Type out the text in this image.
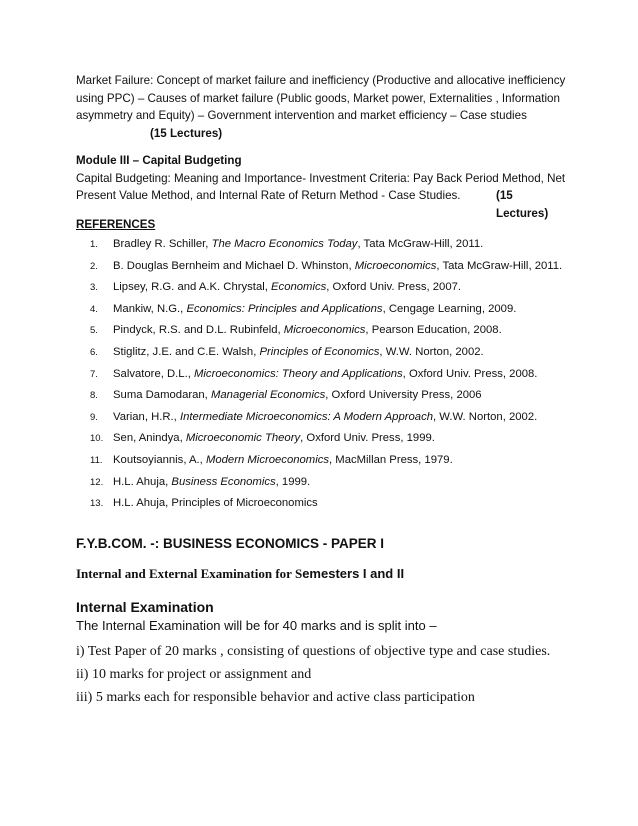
Market Failure: Concept of market failure and inefficiency (Productive and allocative inefficiency
using PPC) – Causes of market failure (Public goods, Market power, Externalities , Information
asymmetry and Equity) – Government intervention and market efficiency – Case studies
(15 Lectures)
Module III – Capital Budgeting
Capital Budgeting: Meaning and Importance- Investment Criteria: Pay Back Period Method, Net
Present Value Method, and Internal Rate of Return Method - Case Studies.	(15 Lectures)
REFERENCES
1. Bradley R. Schiller, The Macro Economics Today, Tata McGraw-Hill, 2011.
2. B. Douglas Bernheim and Michael D. Whinston, Microeconomics, Tata McGraw-Hill, 2011.
3. Lipsey, R.G. and A.K. Chrystal, Economics, Oxford Univ. Press, 2007.
4. Mankiw, N.G., Economics: Principles and Applications, Cengage Learning, 2009.
5. Pindyck, R.S. and D.L. Rubinfeld, Microeconomics, Pearson Education, 2008.
6. Stiglitz, J.E. and C.E. Walsh, Principles of Economics, W.W. Norton, 2002.
7. Salvatore, D.L., Microeconomics: Theory and Applications, Oxford Univ. Press, 2008.
8. Suma Damodaran, Managerial Economics, Oxford University Press, 2006
9. Varian, H.R., Intermediate Microeconomics: A Modern Approach, W.W. Norton, 2002.
10. Sen, Anindya, Microeconomic Theory, Oxford Univ. Press, 1999.
11. Koutsoyiannis, A., Modern Microeconomics, MacMillan Press, 1979.
12. H.L. Ahuja, Business Economics, 1999.
13. H.L. Ahuja, Principles of Microeconomics
F.Y.B.COM. -: BUSINESS ECONOMICS - PAPER I
Internal and External Examination for Semesters I and II
Internal Examination
The Internal Examination will be for 40 marks and is split into –
i) Test Paper of 20 marks , consisting of questions of objective type and case studies.
ii) 10 marks for project or assignment and
iii) 5 marks each for responsible behavior and active class participation
